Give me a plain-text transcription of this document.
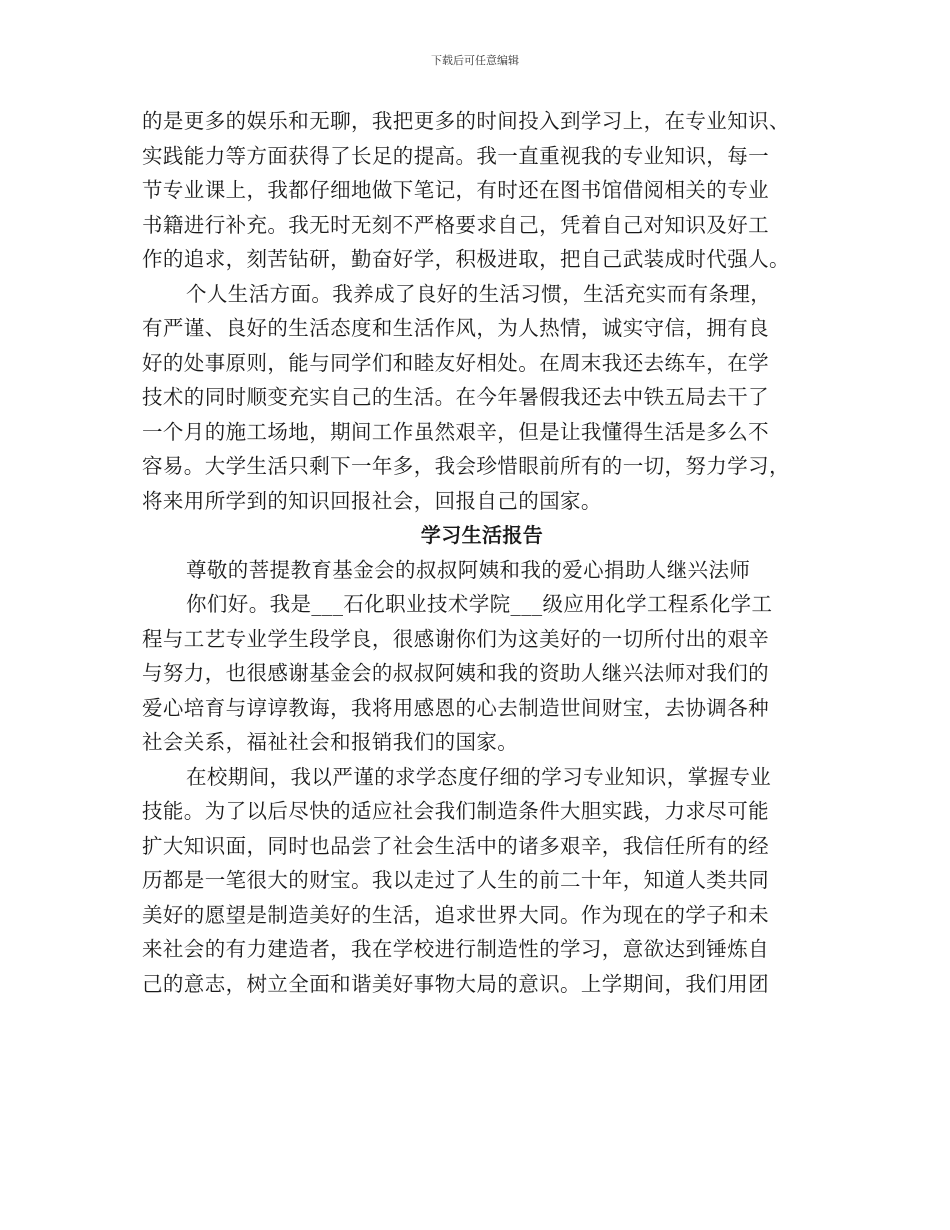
下载后可任意编辑
的是更多的娱乐和无聊，我把更多的时间投入到学习上，在专业知识、
实践能力等方面获得了长足的提高。我一直重视我的专业知识，每一
节专业课上，我都仔细地做下笔记，有时还在图书馆借阅相关的专业
书籍进行补充。我无时无刻不严格要求自己，凭着自己对知识及好工
作的追求，刻苦钻研，勤奋好学，积极进取，把自己武装成时代强人。
个人生活方面。我养成了良好的生活习惯，生活充实而有条理，
有严谨、良好的生活态度和生活作风，为人热情，诚实守信，拥有良
好的处事原则，能与同学们和睦友好相处。在周末我还去练车，在学
技术的同时顺变充实自己的生活。在今年暑假我还去中铁五局去干了
一个月的施工场地，期间工作虽然艰辛，但是让我懂得生活是多么不
容易。大学生活只剩下一年多，我会珍惜眼前所有的一切，努力学习，
将来用所学到的知识回报社会，回报自己的国家。
学习生活报告
尊敬的菩提教育基金会的叔叔阿姨和我的爱心捐助人继兴法师
你们好。我是___石化职业技术学院___级应用化学工程系化学工
程与工艺专业学生段学良，很感谢你们为这美好的一切所付出的艰辛
与努力，也很感谢基金会的叔叔阿姨和我的资助人继兴法师对我们的
爱心培育与谆谆教诲，我将用感恩的心去制造世间财宝，去协调各种
社会关系，福祉社会和报销我们的国家。
在校期间，我以严谨的求学态度仔细的学习专业知识，掌握专业
技能。为了以后尽快的适应社会我们制造条件大胆实践，力求尽可能
扩大知识面，同时也品尝了社会生活中的诸多艰辛，我信任所有的经
历都是一笔很大的财宝。我以走过了人生的前二十年，知道人类共同
美好的愿望是制造美好的生活，追求世界大同。作为现在的学子和未
来社会的有力建造者，我在学校进行制造性的学习，意欲达到锤炼自
己的意志，树立全面和谐美好事物大局的意识。上学期间，我们用团
